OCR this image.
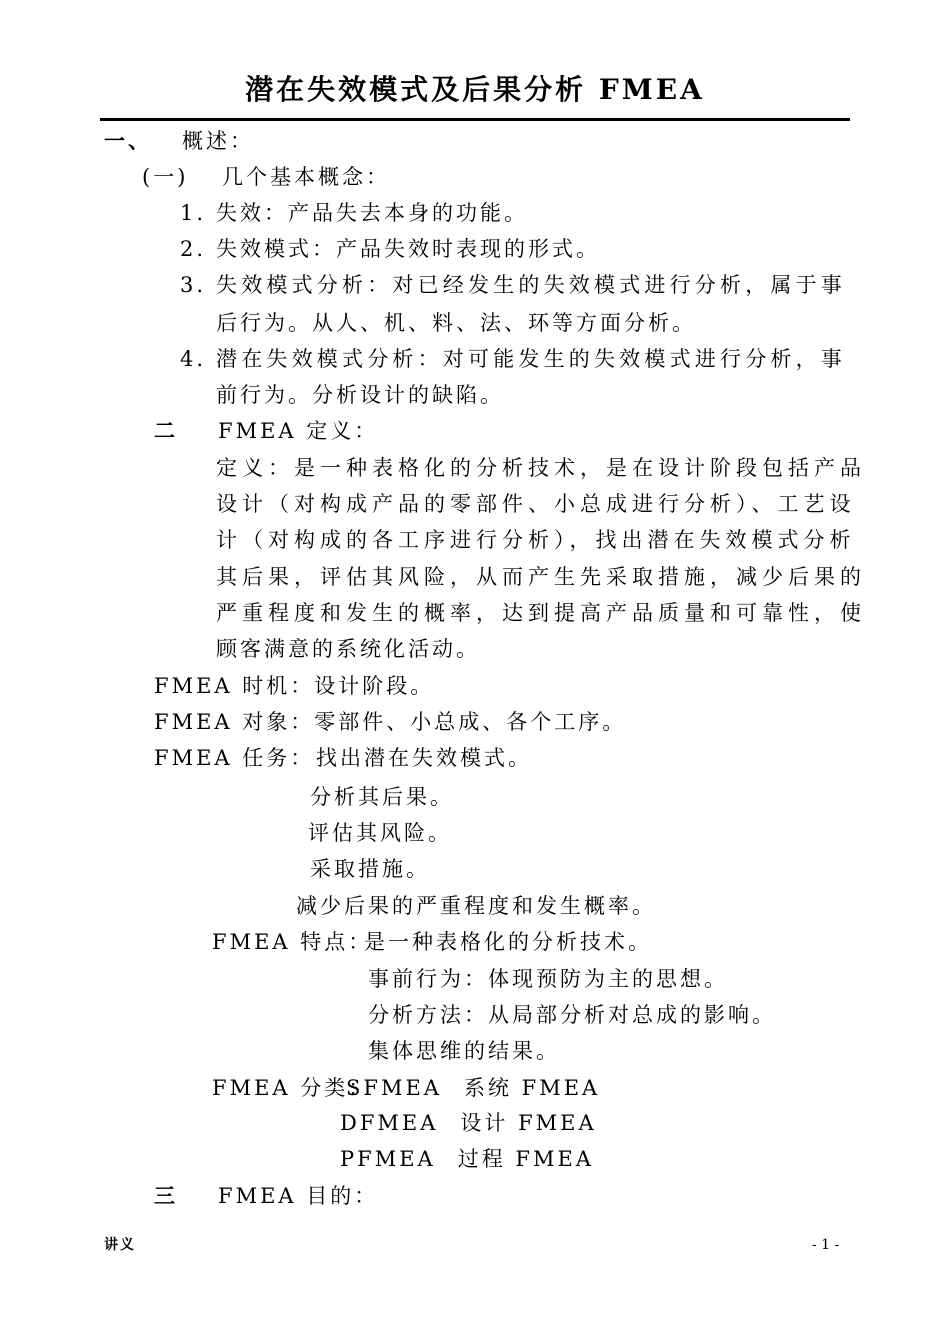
潜在失效模式及后果分析 FMEA
一、 概述：
(一) 几个基本概念：
1. 失效：产品失去本身的功能。
2. 失效模式：产品失效时表现的形式。
3. 失效模式分析：对已经发生的失效模式进行分析，属于事
后行为。从人、机、料、法、环等方面分析。
4. 潜在失效模式分析：对可能发生的失效模式进行分析，事
前行为。分析设计的缺陷。
二 FMEA 定义：
定义：是一种表格化的分析技术，是在设计阶段包括产品
设计（对构成产品的零部件、小总成进行分析）、工艺设
计（对构成的各工序进行分析），找出潜在失效模式分析
其后果，评估其风险，从而产生先采取措施，减少后果的
严重程度和发生的概率，达到提高产品质量和可靠性，使
顾客满意的系统化活动。
FMEA 时机：设计阶段。
FMEA 对象：零部件、小总成、各个工序。
FMEA 任务： 找出潜在失效模式。
分析其后果。
评估其风险。
采取措施。
减少后果的严重程度和发生概率。
FMEA 特点：
是一种表格化的分析技术。
事前行为：体现预防为主的思想。
分析方法：从局部分析对总成的影响。
集体思维的结果。
FMEA 分类：
SFMEA 系统 FMEA
DFMEA 设计 FMEA
PFMEA 过程 FMEA
三 FMEA 目的：
讲义	- 1 -
